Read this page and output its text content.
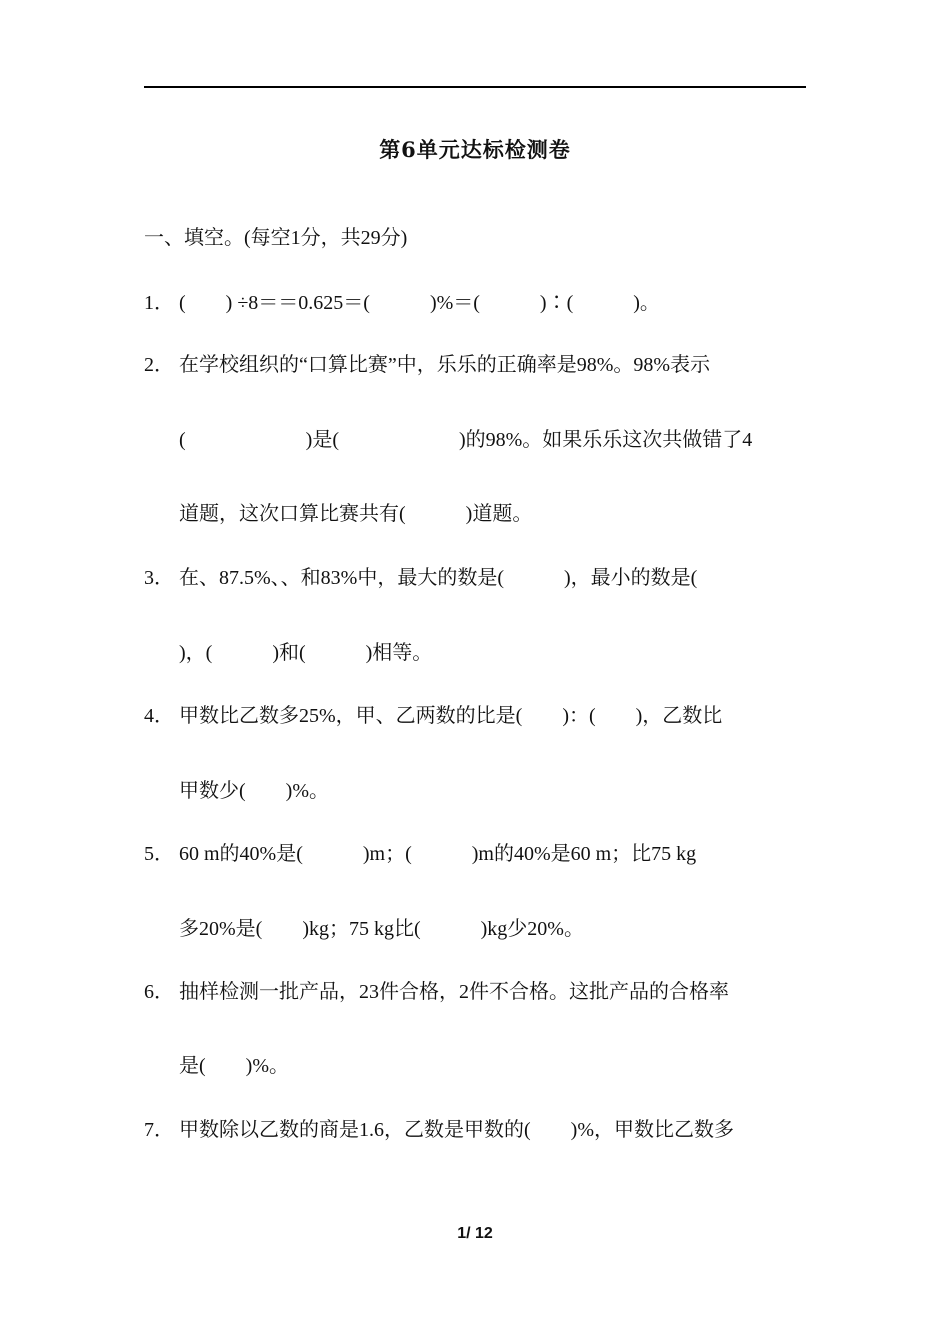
第6单元达标检测卷
一、填空。(每空1分，共29分)
1． (　　) ÷8＝＝0.625＝(　　　)%＝(　　　)∶(　　　)。
2． 在学校组织的“口算比赛”中，乐乐的正确率是98%。98%表示
(　　　　　　)是(　　　　　　)的98%。如果乐乐这次共做错了4
道题，这次口算比赛共有(　　　)道题。
3． 在、87.5%、、和83%中，最大的数是(　　　)，最小的数是(
)，(　　　)和(　　　)相等。
4． 甲数比乙数多25%，甲、乙两数的比是(　　)：(　　)，乙数比
甲数少(　　)%。
5． 60 m的40%是(　　　)m；(　　　)m的40%是60 m；比75 kg
多20%是(　　)kg；75 kg比(　　　)kg少20%。
6． 抽样检测一批产品，23件合格，2件不合格。这批产品的合格率
是(　　)%。
7． 甲数除以乙数的商是1.6，乙数是甲数的(　　)%，甲数比乙数多
1/ 12
